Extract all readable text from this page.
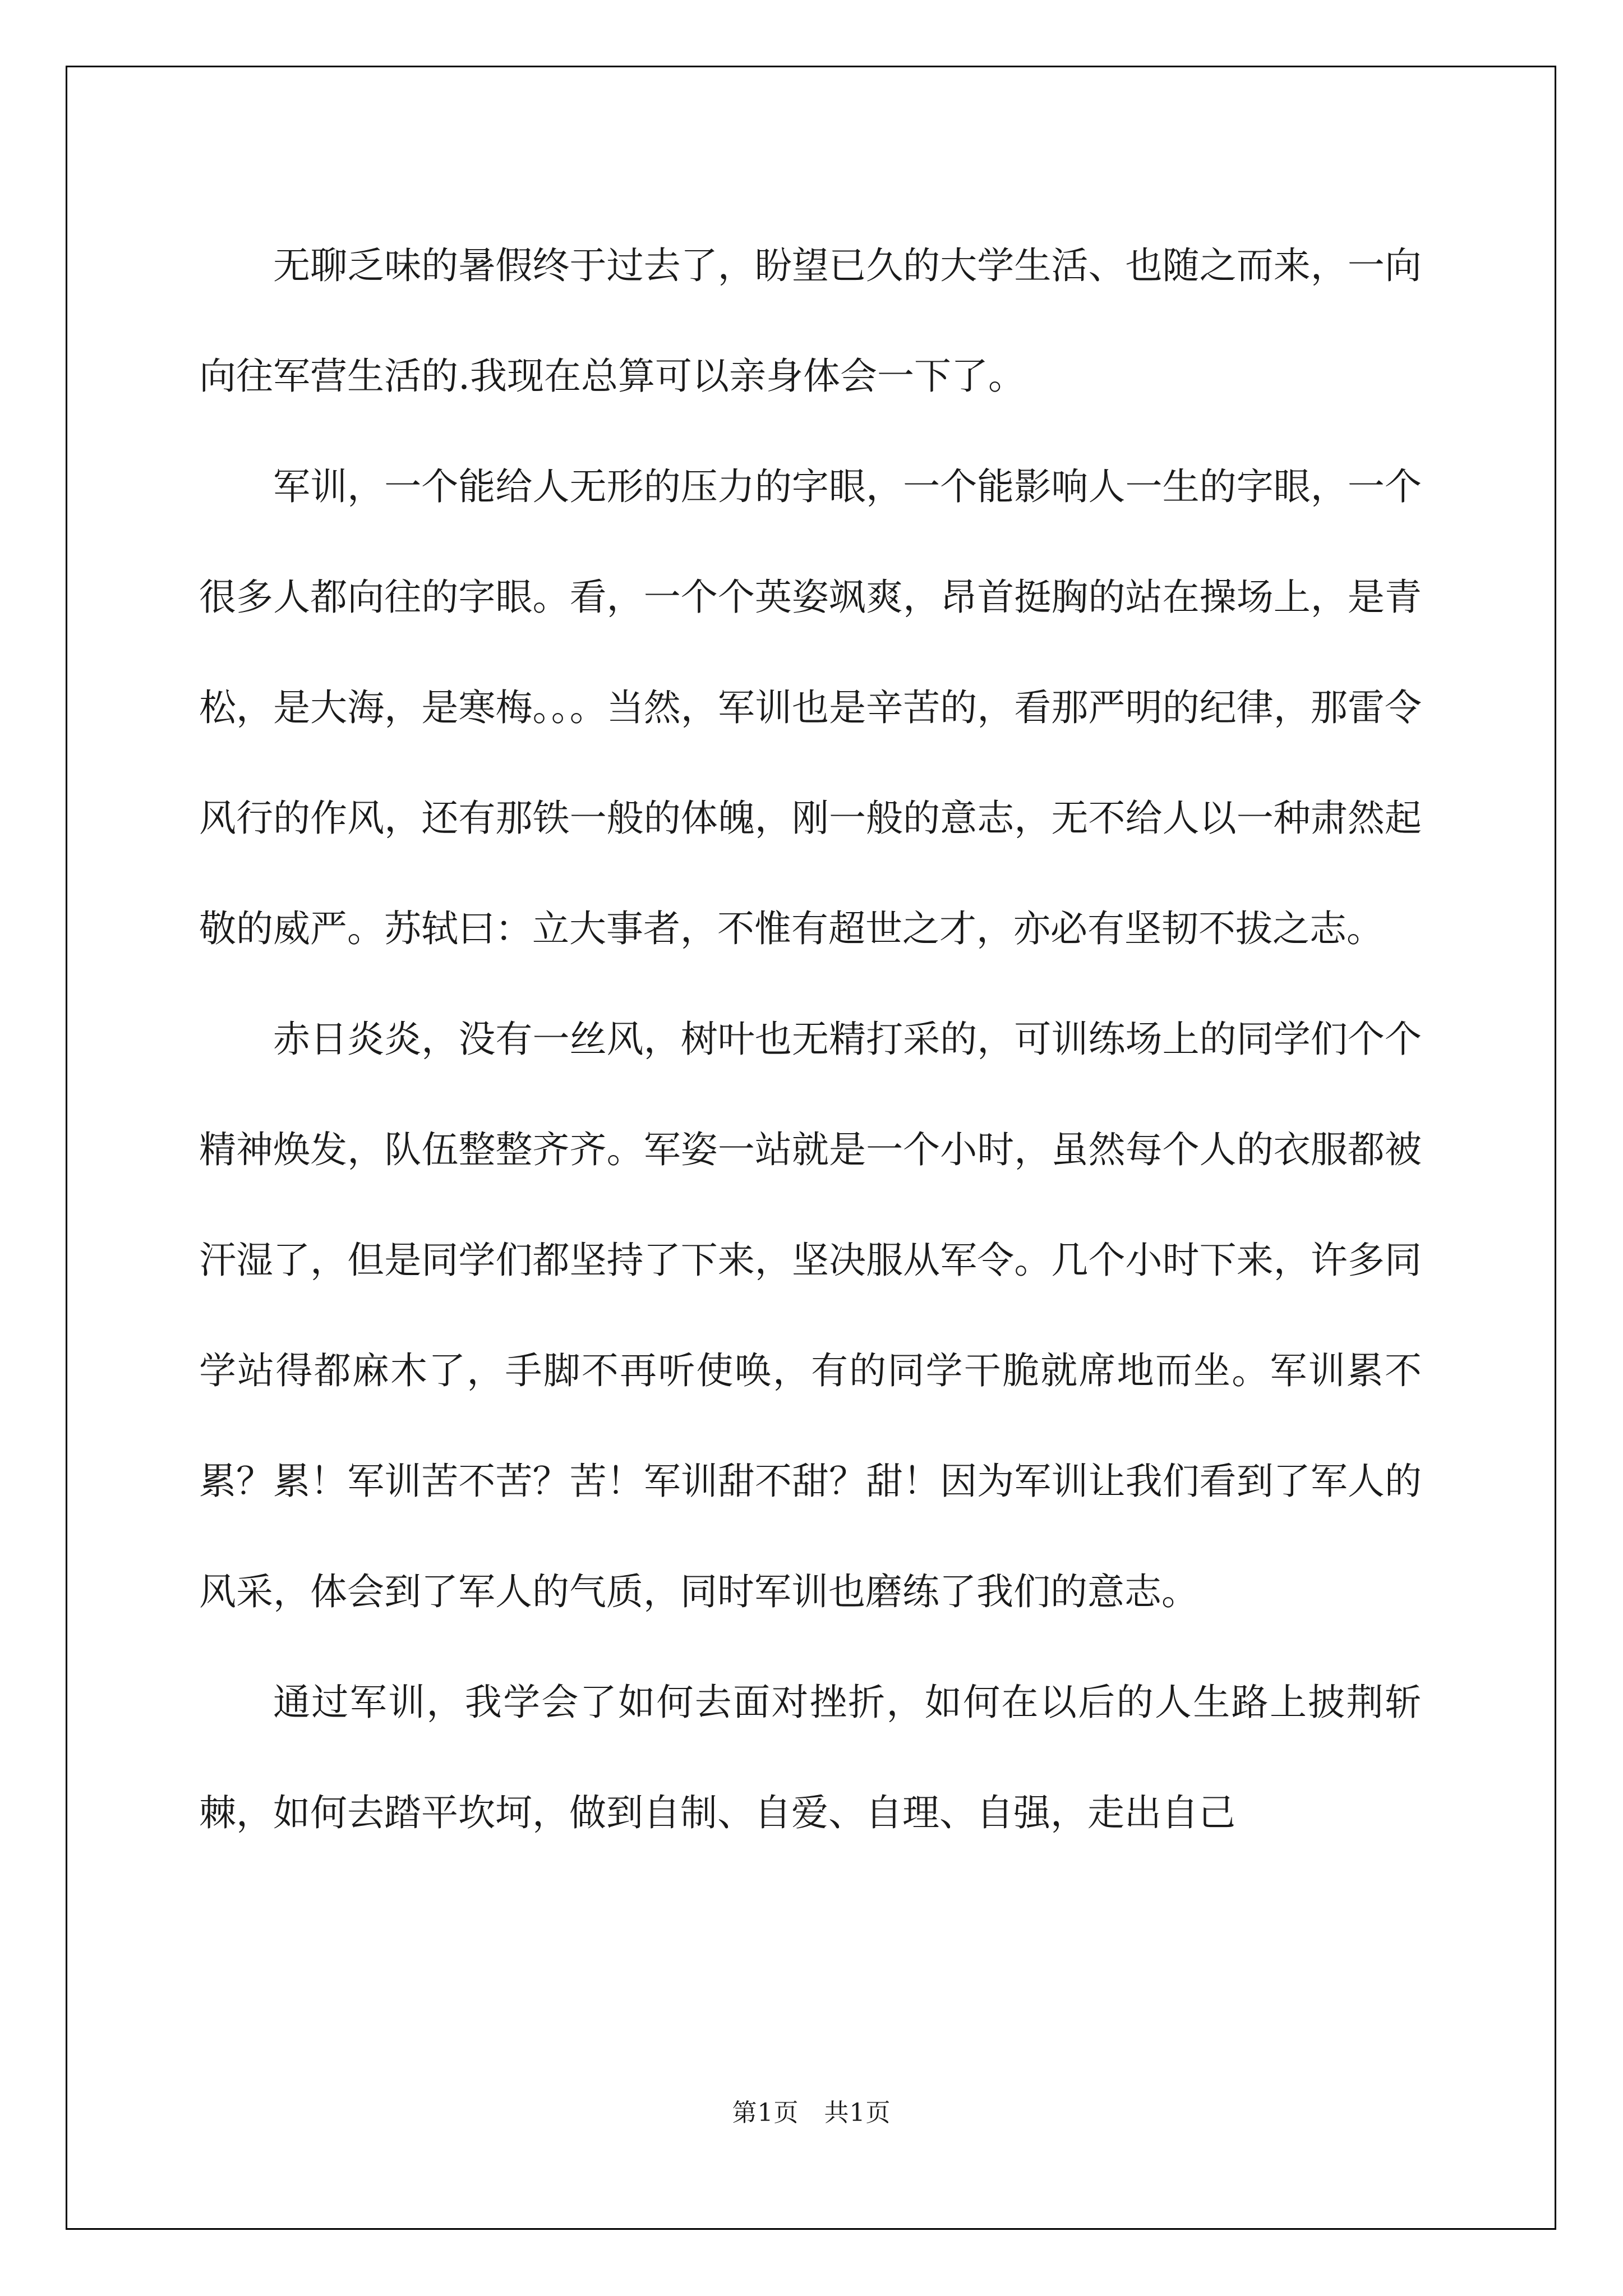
无聊乏味的暑假终于过去了，盼望已久的大学生活、也随之而来，一向向往军营生活的.我现在总算可以亲身体会一下了。

军训，一个能给人无形的压力的字眼，一个能影响人一生的字眼，一个很多人都向往的字眼。看，一个个英姿飒爽，昂首挺胸的站在操场上，是青松，是大海，是寒梅。。。当然，军训也是辛苦的，看那严明的纪律，那雷令风行的作风，还有那铁一般的体魄，刚一般的意志，无不给人以一种肃然起敬的威严。苏轼曰：立大事者，不惟有超世之才，亦必有坚韧不拔之志。

赤日炎炎，没有一丝风，树叶也无精打采的，可训练场上的同学们个个精神焕发，队伍整整齐齐。军姿一站就是一个小时，虽然每个人的衣服都被汗湿了，但是同学们都坚持了下来，坚决服从军令。几个小时下来，许多同学站得都麻木了，手脚不再听使唤，有的同学干脆就席地而坐。军训累不累？累！军训苦不苦？苦！军训甜不甜？甜！因为军训让我们看到了军人的风采，体会到了军人的气质，同时军训也磨练了我们的意志。

通过军训，我学会了如何去面对挫折，如何在以后的人生路上披荆斩棘，如何去踏平坎坷，做到自制、自爱、自理、自强，走出自己

第1页　共1页
